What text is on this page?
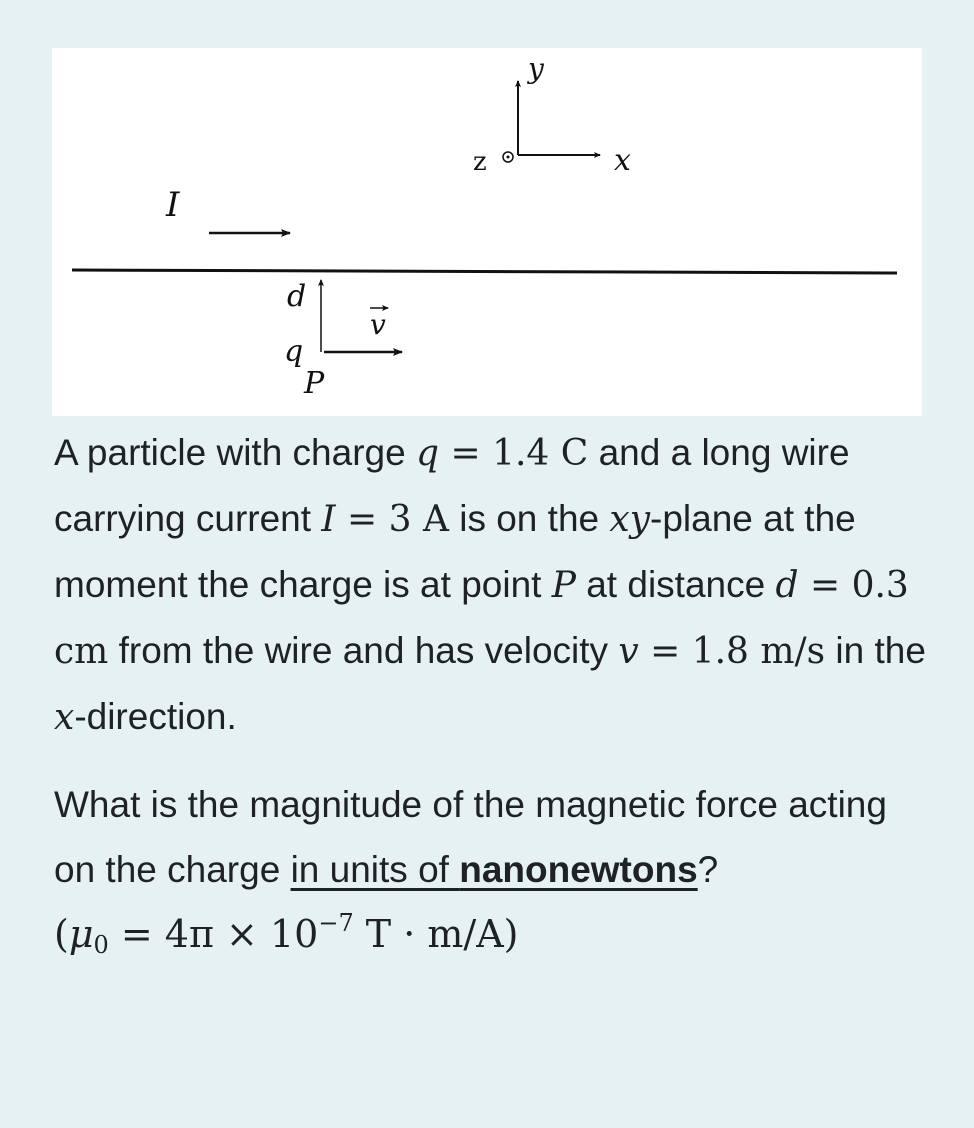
y
x
z
I
d
v
q
P

A particle with charge q = 1.4 C and a long wire carrying current I = 3 A is on the xy-plane at the moment the charge is at point P at distance d = 0.3 cm from the wire and has velocity v = 1.8 m/s in the x-direction.

What is the magnitude of the magnetic force acting on the charge in units of nanonewtons?
($\mu_0 = 4\pi \times 10^{-7}$ T · m/A)
